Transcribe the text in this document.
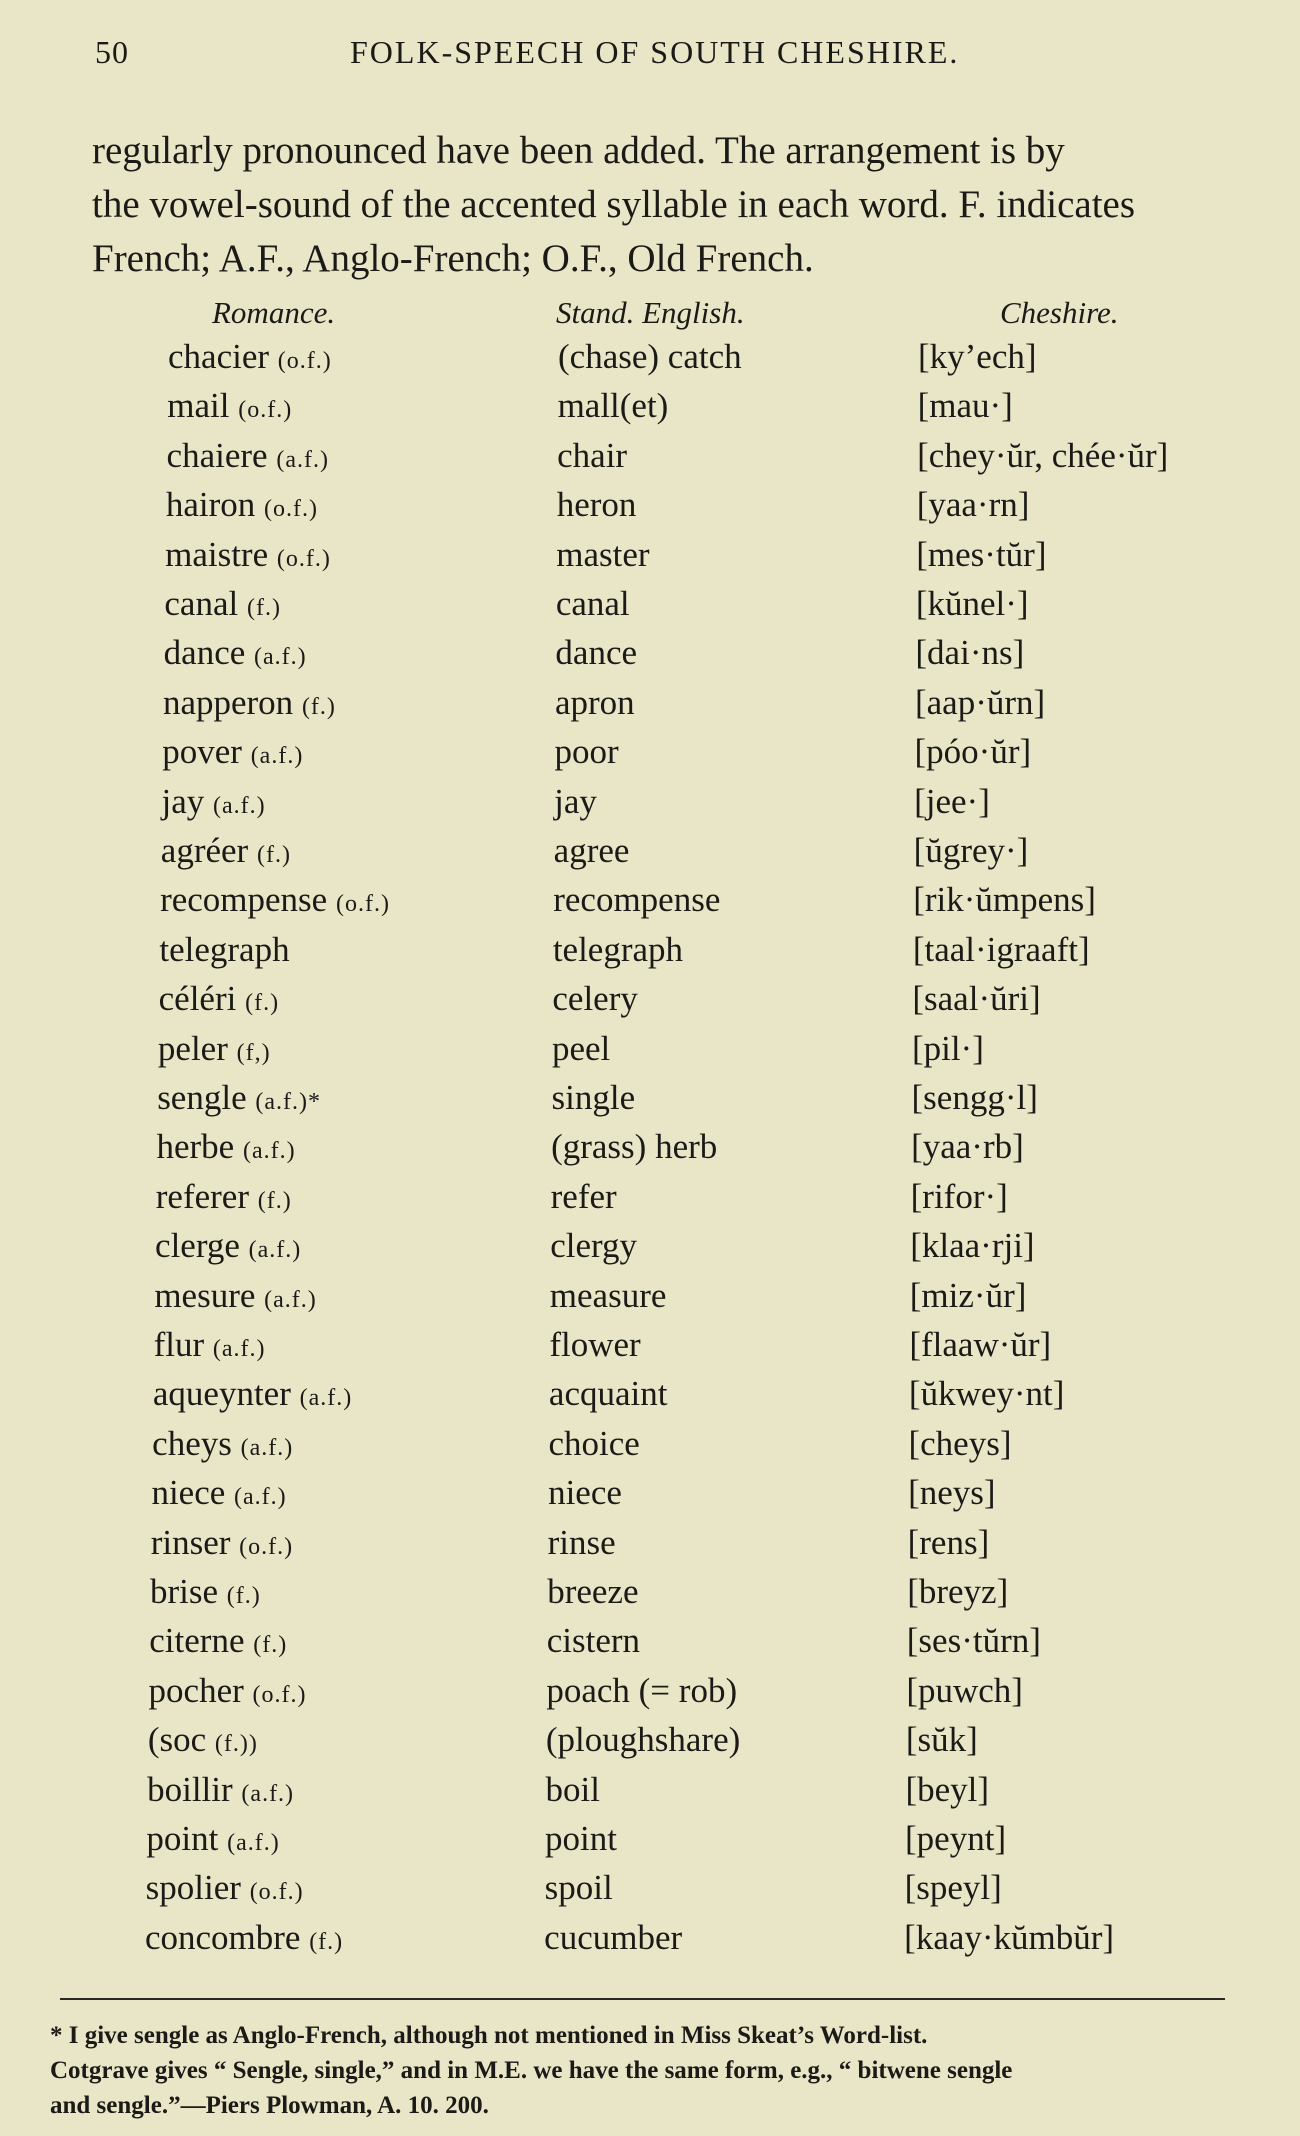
50	FOLK-SPEECH OF SOUTH CHESHIRE.

regularly pronounced have been added. The arrangement is by

the vowel-sound of the accented syllable in each word. F. indicates

French; A.F., Anglo-French; O.F., Old French.

Romance.	Stand. English.	Cheshire.
chacier (o.f.)	(chase) catch	[ky’ech]
mail (o.f.)	mall(et)	[mau·]
chaiere (a.f.)	chair	[chey·ŭr, chée·ŭr]
hairon (o.f.)	heron	[yaa·rn]
maistre (o.f.)	master	[mes·tŭr]
canal (f.)	canal	[kŭnel·]
dance (a.f.)	dance	[dai·ns]
napperon (f.)	apron	[aap·ŭrn]
pover (a.f.)	poor	[póo·ŭr]
jay (a.f.)	jay	[jee·]
agréer (f.)	agree	[ŭgrey·]
recompense (o.f.)	recompense	[rik·ŭmpens]
telegraph	telegraph	[taal·igraaft]
céléri (f.)	celery	[saal·ŭri]
peler (f,)	peel	[pil·]
sengle (a.f.)*	single	[sengg·l]
herbe (a.f.)	(grass) herb	[yaa·rb]
referer (f.)	refer	[rifor·]
clerge (a.f.)	clergy	[klaa·rji]
mesure (a.f.)	measure	[miz·ŭr]
flur (a.f.)	flower	[flaaw·ŭr]
aqueynter (a.f.)	acquaint	[ŭkwey·nt]
cheys (a.f.)	choice	[cheys]
niece (a.f.)	niece	[neys]
rinser (o.f.)	rinse	[rens]
brise (f.)	breeze	[breyz]
citerne (f.)	cistern	[ses·tŭrn]
pocher (o.f.)	poach (= rob)	[puwch]
(soc (f.))	(ploughshare)	[sŭk]
boillir (a.f.)	boil	[beyl]
point (a.f.)	point	[peynt]
spolier (o.f.)	spoil	[speyl]
concombre (f.)	cucumber	[kaay·kŭmbŭr]

* I give sengle as Anglo-French, although not mentioned in Miss Skeat’s Word-list.

Cotgrave gives “ Sengle, single,” and in M.E. we have the same form, e.g., “ bitwene sengle

and sengle.”—Piers Plowman, A. 10. 200.
